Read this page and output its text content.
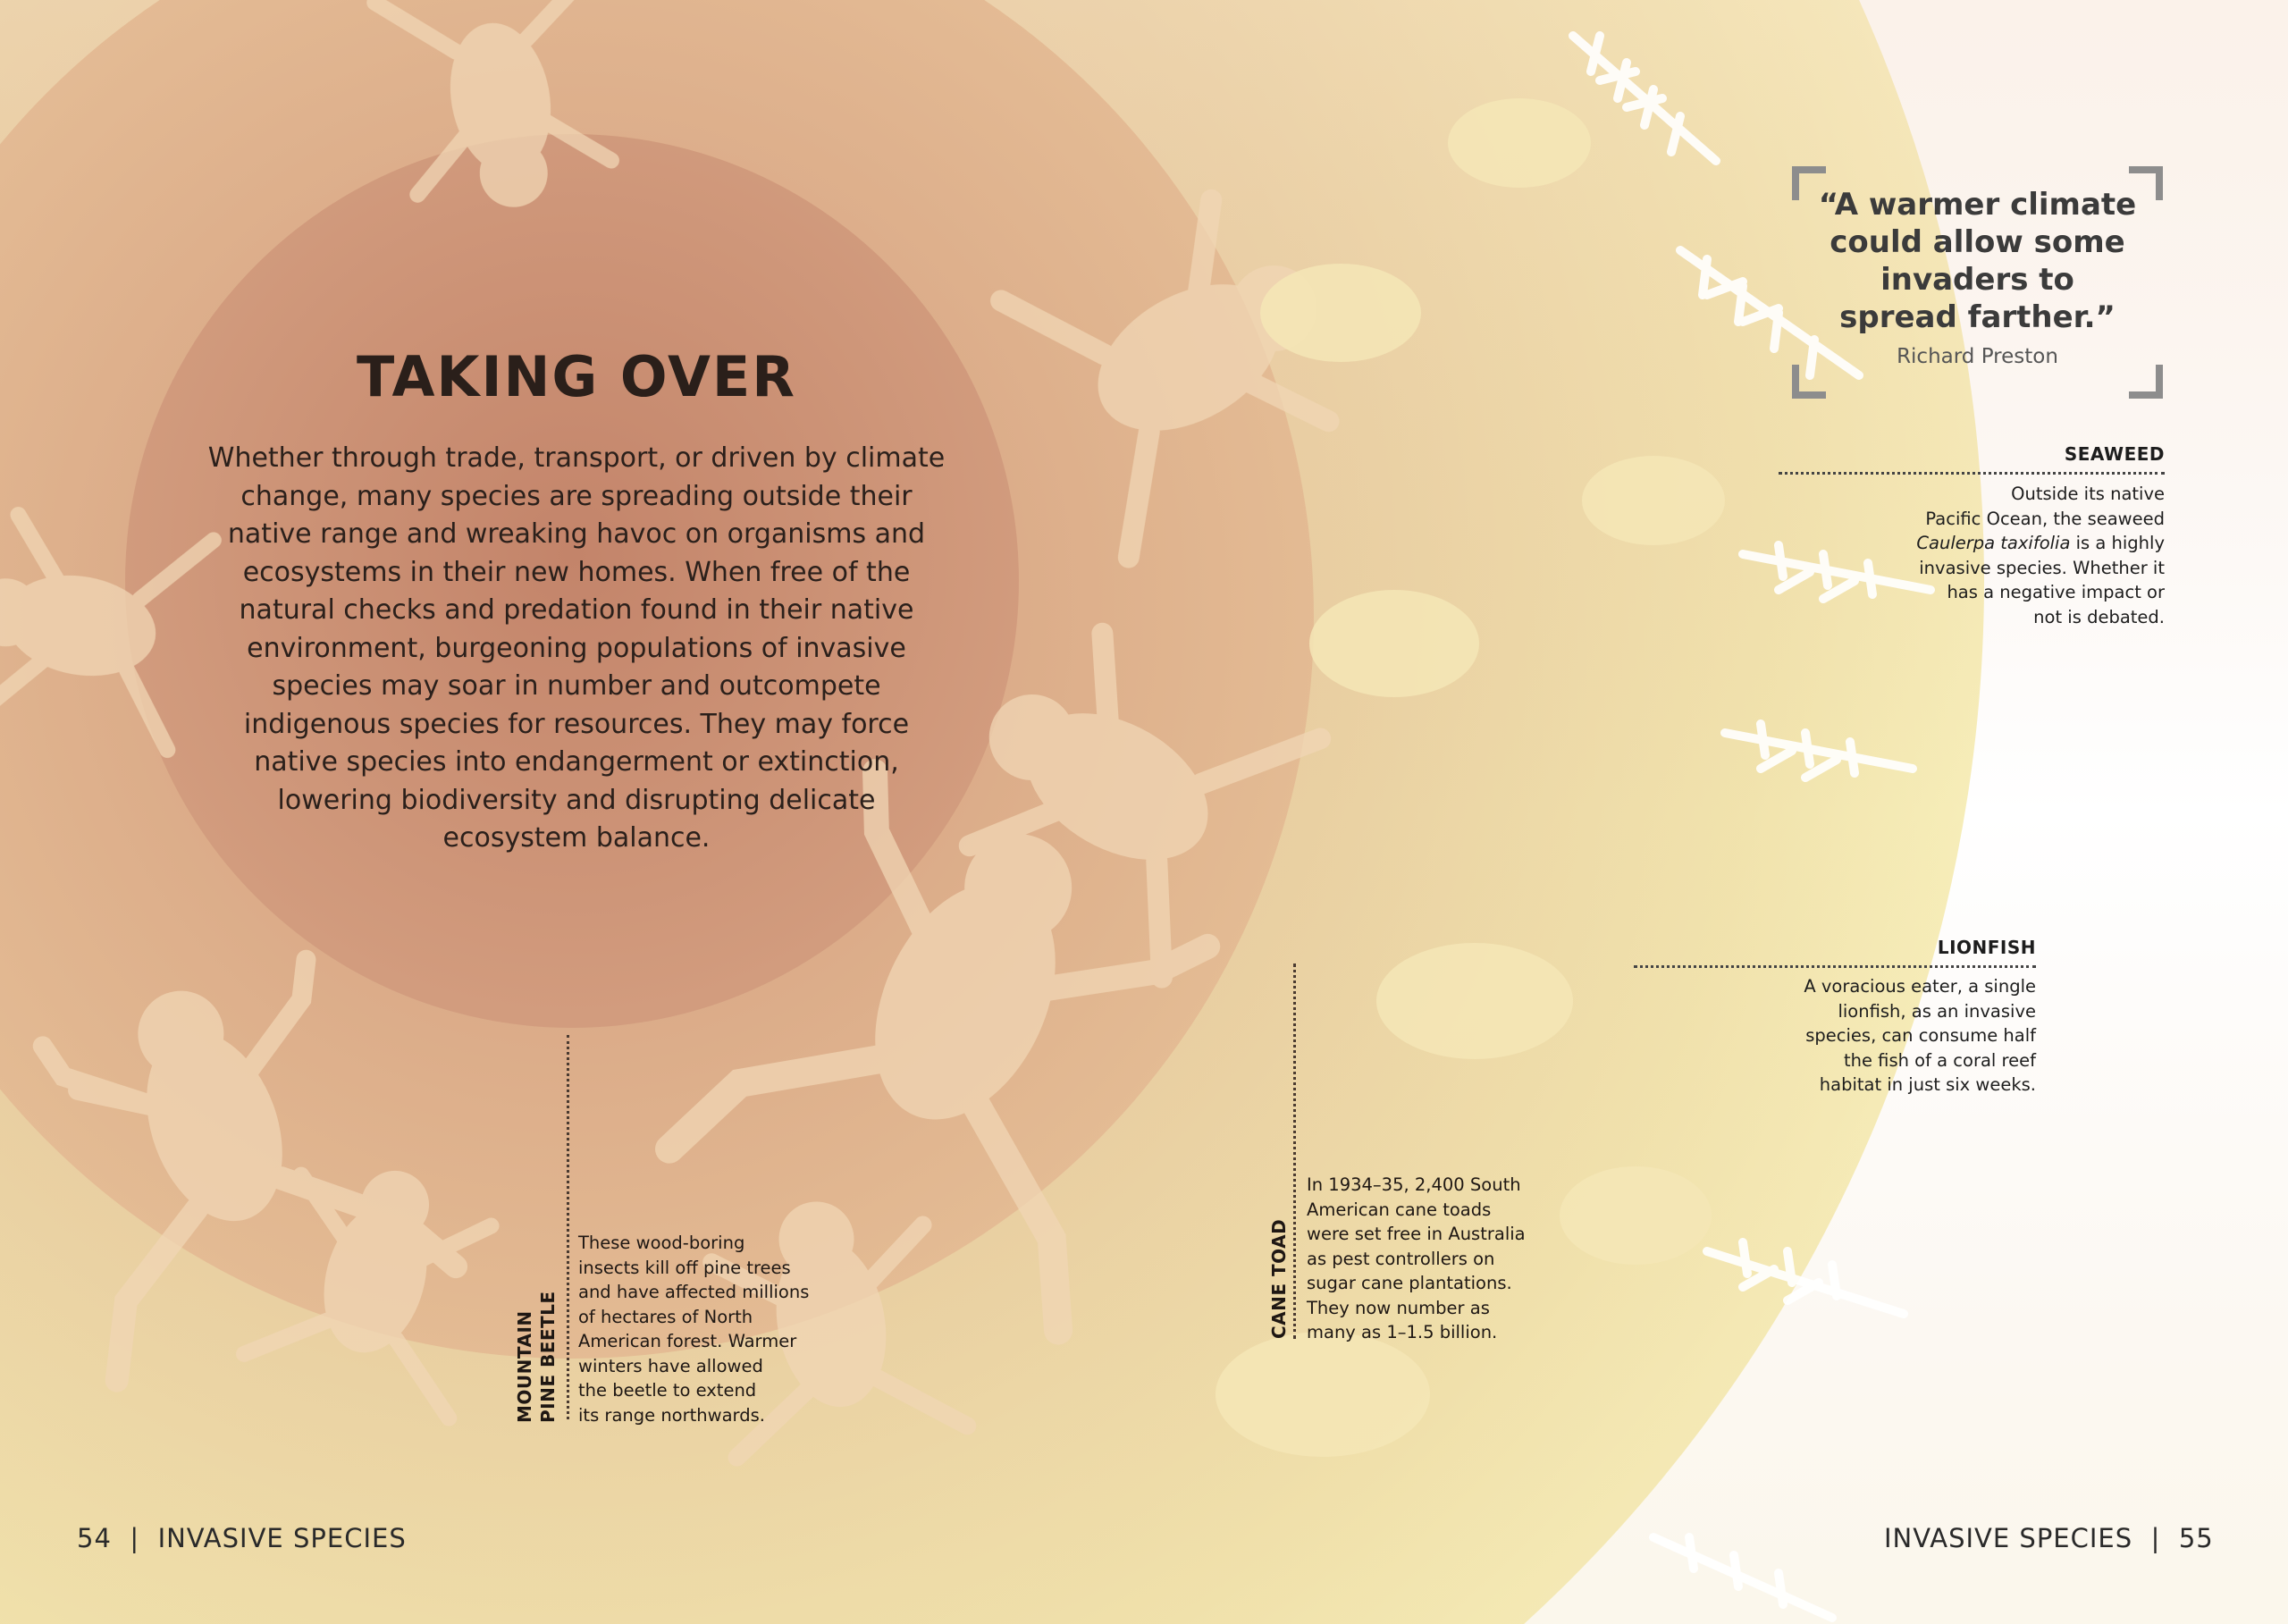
TAKING OVER

Whether through trade, transport, or driven by climate change, many species are spreading outside their native range and wreaking havoc on organisms and ecosystems in their new homes. When free of the natural checks and predation found in their native environment, burgeoning populations of invasive species may soar in number and outcompete indigenous species for resources. They may force native species into endangerment or extinction, lowering biodiversity and disrupting delicate ecosystem balance.

“A warmer climate
could allow some
invaders to
spread farther.”

Richard Preston
SEAWEED

Outside its native
Pacific Ocean, the seaweed
Caulerpa taxifolia is a highly
invasive species. Whether it
has a negative impact or
not is debated.

LIONFISH

A voracious eater, a single
lionfish, as an invasive
species, can consume half
the fish of a coral reef
habitat in just six weeks.

CANE TOAD

In 1934–35, 2,400 South
American cane toads
were set free in Australia
as pest controllers on
sugar cane plantations.
They now number as
many as 1–1.5 billion.

MOUNTAIN PINE BEETLE

These wood-boring
insects kill off pine trees
and have affected millions
of hectares of North
American forest. Warmer
winters have allowed
the beetle to extend
its range northwards.

54  |  INVASIVE SPECIES	INVASIVE SPECIES  |  55
